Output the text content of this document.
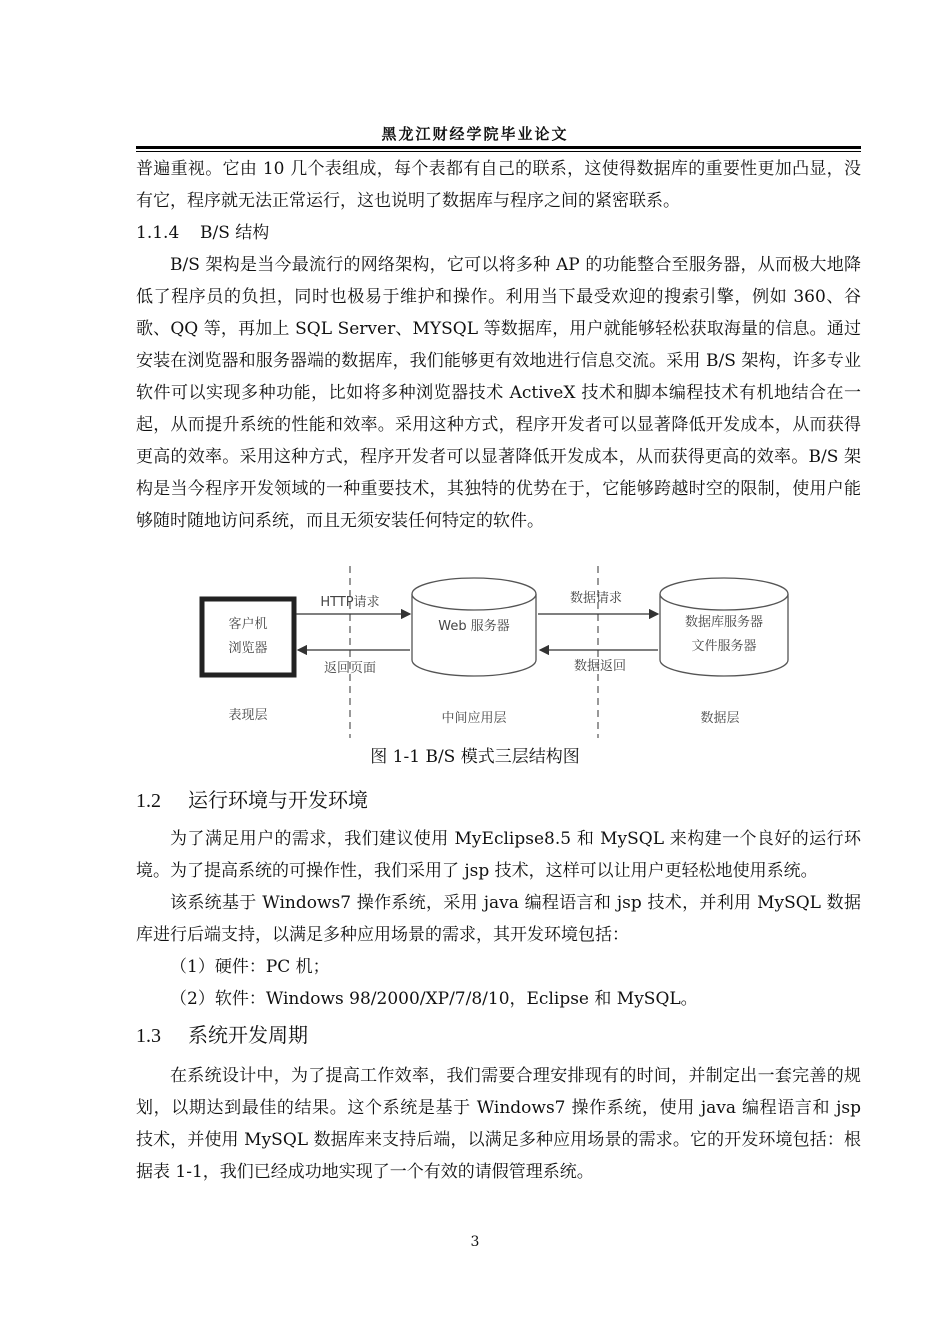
黑龙江财经学院毕业论文

普遍重视。它由 10 几个表组成，每个表都有自己的联系，这使得数据库的重要性更加凸显，没有它，程序就无法正常运行，这也说明了数据库与程序之间的紧密联系。

1.1.4 B/S 结构

B/S 架构是当今最流行的网络架构，它可以将多种 AP 的功能整合至服务器，从而极大地降低了程序员的负担，同时也极易于维护和操作。利用当下最受欢迎的搜索引擎，例如 360、谷歌、QQ 等，再加上 SQL Server、MYSQL 等数据库，用户就能够轻松获取海量的信息。通过安装在浏览器和服务器端的数据库，我们能够更有效地进行信息交流。采用 B/S 架构，许多专业软件可以实现多种功能，比如将多种浏览器技术 ActiveX 技术和脚本编程技术有机地结合在一起，从而提升系统的性能和效率。采用这种方式，程序开发者可以显著降低开发成本，从而获得更高的效率。采用这种方式，程序开发者可以显著降低开发成本，从而获得更高的效率。B/S 架构是当今程序开发领域的一种重要技术，其独特的优势在于，它能够跨越时空的限制，使用户能够随时随地访问系统，而且无须安装任何特定的软件。

客户机
浏览器
Web 服务器	数据库服务器
文件服务器
HTTP请求
返回页面
数据请求
数据返回
表现层	中间应用层	数据层
图 1-1 B/S 模式三层结构图
1.2 运行环境与开发环境

为了满足用户的需求，我们建议使用 MyEclipse8.5 和 MySQL 来构建一个良好的运行环境。为了提高系统的可操作性，我们采用了 jsp 技术，这样可以让用户更轻松地使用系统。

该系统基于 Windows7 操作系统，采用 java 编程语言和 jsp 技术，并利用 MySQL 数据库进行后端支持，以满足多种应用场景的需求，其开发环境包括：

（1）硬件：PC 机；

（2）软件：Windows 98/2000/XP/7/8/10，Eclipse 和 MySQL。

1.3 系统开发周期

在系统设计中，为了提高工作效率，我们需要合理安排现有的时间，并制定出一套完善的规划，以期达到最佳的结果。这个系统是基于 Windows7 操作系统，使用 java 编程语言和 jsp 技术，并使用 MySQL 数据库来支持后端，以满足多种应用场景的需求。它的开发环境包括：根据表 1-1，我们已经成功地实现了一个有效的请假管理系统。

3
